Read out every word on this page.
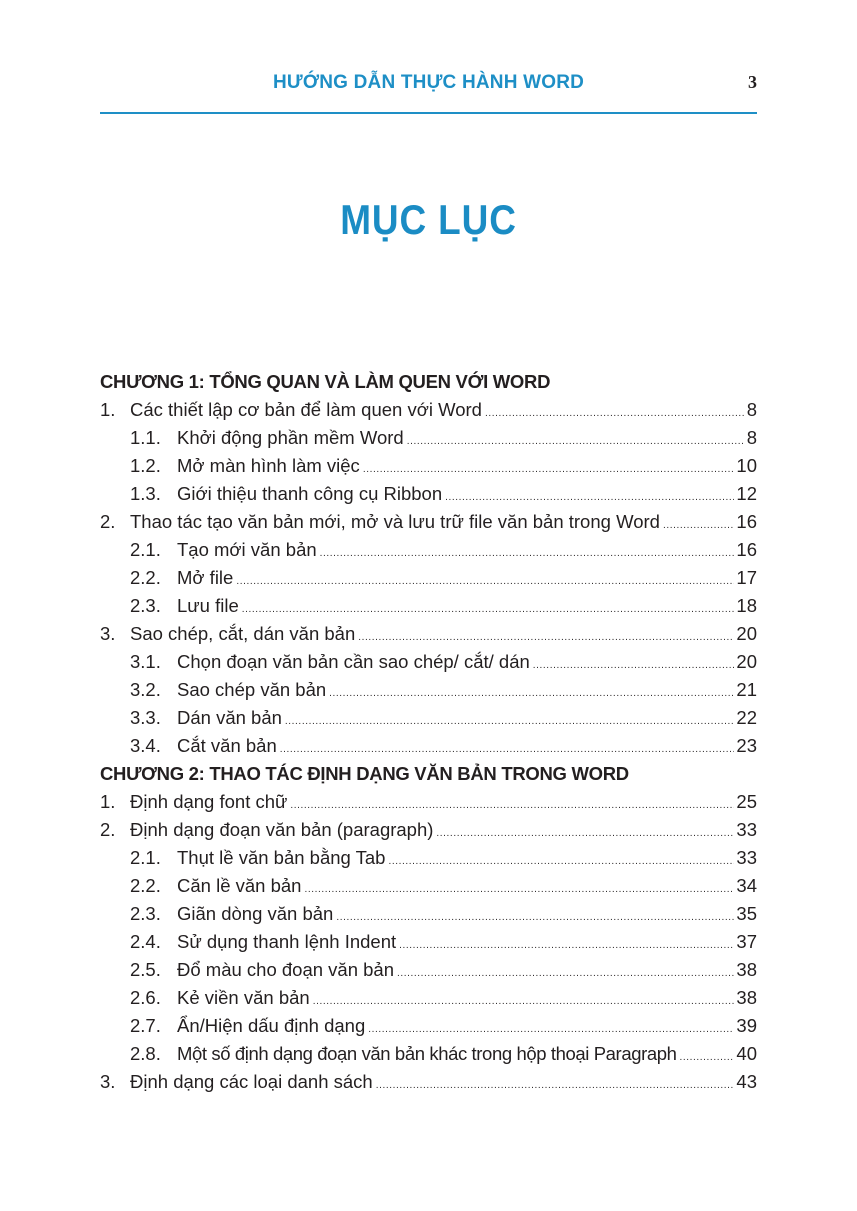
HƯỚNG DẪN THỰC HÀNH WORD	3
MỤC LỤC
CHƯƠNG 1: TỔNG QUAN VÀ LÀM QUEN VỚI WORD
1. Các thiết lập cơ bản để làm quen với Word .....	8
1.1. Khởi động phần mềm Word .....	8
1.2. Mở màn hình làm việc .....	10
1.3. Giới thiệu thanh công cụ Ribbon .....	12
2. Thao tác tạo văn bản mới, mở và lưu trữ file văn bản trong Word .....	16
2.1. Tạo mới văn bản .....	16
2.2. Mở file .....	17
2.3. Lưu file .....	18
3. Sao chép, cắt, dán văn bản .....	20
3.1. Chọn đoạn văn bản cần sao chép/ cắt/ dán .....	20
3.2. Sao chép văn bản .....	21
3.3. Dán văn bản .....	22
3.4. Cắt văn bản .....	23
CHƯƠNG 2: THAO TÁC ĐỊNH DẠNG VĂN BẢN TRONG WORD
1. Định dạng font chữ .....	25
2. Định dạng đoạn văn bản (paragraph) .....	33
2.1. Thụt lề văn bản bằng Tab .....	33
2.2. Căn lề văn bản .....	34
2.3. Giãn dòng văn bản .....	35
2.4. Sử dụng thanh lệnh Indent .....	37
2.5. Đổ màu cho đoạn văn bản .....	38
2.6. Kẻ viền văn bản .....	38
2.7. Ẩn/Hiện dấu định dạng .....	39
2.8. Một số định dạng đoạn văn bản khác trong hộp thoại Paragraph .....	40
3. Định dạng các loại danh sách .....	43
